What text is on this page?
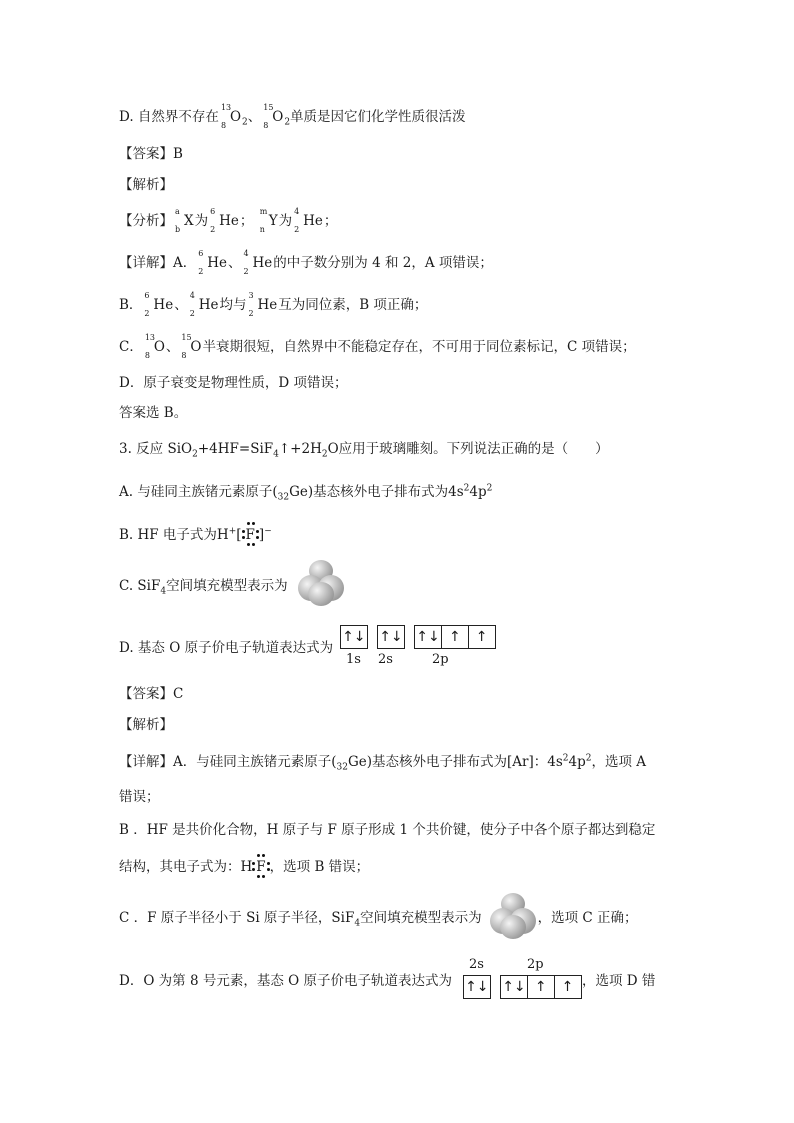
D. 自然界不存在
13
8
$O_2$、
15
8
$O_2$单质是因它们化学性质很活泼
【答案】B
【解析】
【分析】
a
b
X为
6
2
He；
m
n
Y为
4
2
He；
【详解】A．
6
2
He、
4
2
He的中子数分别为 4 和 2，A 项错误；
B．
6
2
He、
4
2
He均与
3
2
He互为同位素，B 项正确；
C．
13
8
O、
15
8
O半衰期很短，自然界中不能稳定存在，不可用于同位素标记，C 项错误；
D．原子衰变是物理性质，D 项错误；
答案选 B。
3. 反应 $SiO_2+4HF=SiF_4↑+2H_2O$应用于玻璃雕刻。下列说法正确的是（　　）
A. 与硅同主族锗元素原子$(_{32}Ge)$基态核外电子排布式为$4s^24p^2$
B. HF 电子式为H+[ F ]−
C. SiF$_4$空间填充模型表示为
D. 基态 O 原子价电子轨道表达式为
↑↓
↑↓
↑↓ ↑	↑
1s 2s	2p
【答案】C
【解析】
【详解】A．与硅同主族锗元素原子$(_{32}Ge)$基态核外电子排布式为[Ar]：$4s^24p^2$，选项 A
错误；
B ．HF 是共价化合物，H 原子与 F 原子形成 1 个共价键，使分子中各个原子都达到稳定
结构，其电子式为：H F ，选项 B 错误；
C ．F 原子半径小于 Si 原子半径，SiF$_4$空间填充模型表示为	，选项 C 正确；
2s	2p
D．O 为第 8 号元素，基态 O 原子价电子轨道表达式为 ↑↓
↑↓ ↑	↑ ，选项 D 错
